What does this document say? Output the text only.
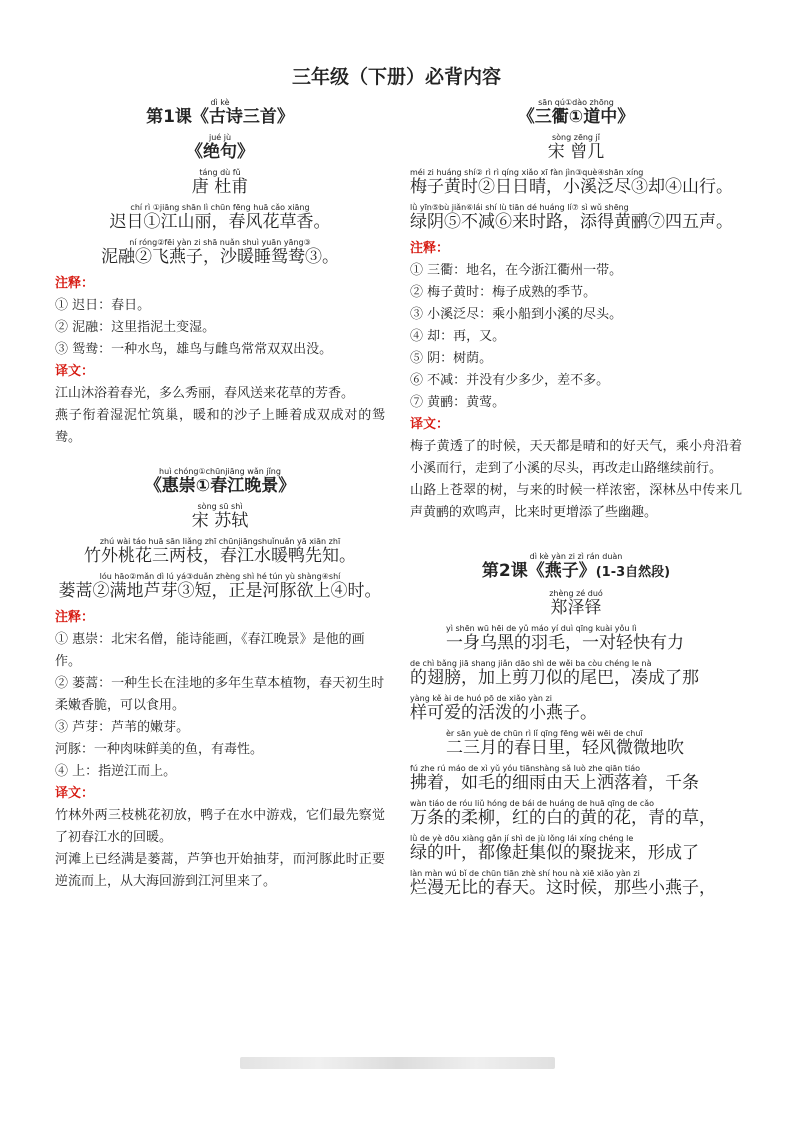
三年级（下册）必背内容
dì kè
第1课《古诗三首》
jué jù
《绝句》
táng dù fǔ
唐 杜甫
chí rì ①jiāng shān lì chūn fēng huā cǎo xiāng
迟日①江山丽，春风花草香。
ní róng②fēi yàn zi shā nuǎn shuì yuān yāng③
泥融②飞燕子，沙暖睡鸳鸯③。
注释：
① 迟日：春日。
② 泥融：这里指泥土变湿。
③ 鸳鸯：一种水鸟，雄鸟与雌鸟常常双双出没。
译文：
江山沐浴着春光，多么秀丽，春风送来花草的芳香。
燕子衔着湿泥忙筑巢，暖和的沙子上睡着成双成对的鸳鸯。
huì chóng①chūnjiāng wǎn jǐng
《惠崇①春江晚景》
sòng sū shì
宋 苏轼
zhú wài táo huā sān liǎng zhī chūnjiāngshuǐnuǎn yā xiān zhī
竹外桃花三两枝，春江水暖鸭先知。
lóu hāo②mǎn dì lú yá③duǎn zhèng shì hé tún yù shàng④shí
蒌蒿②满地芦芽③短，正是河豚欲上④时。
注释：
① 惠崇：北宋名僧，能诗能画，《春江晚景》是他的画作。
② 蒌蒿：一种生长在洼地的多年生草本植物，春天初生时柔嫩香脆，可以食用。
③ 芦芽：芦苇的嫩芽。
河豚：一种肉味鲜美的鱼，有毒性。
④ 上：指逆江而上。
译文：
竹林外两三枝桃花初放，鸭子在水中游戏，它们最先察觉了初春江水的回暖。
河滩上已经满是蒌蒿，芦笋也开始抽芽，而河豚此时正要逆流而上，从大海回游到江河里来了。
sān qú①dào zhōng
《三衢①道中》
sòng zēng jǐ
宋 曾几
méi zi huáng shí② rì rì qíng xiǎo xī fàn jìn③què④shān xíng
梅子黄时②日日晴，小溪泛尽③却④山行。
lǜ yīn⑤bù jiǎn⑥lái shí lù tiān dé huáng lí⑦ sì wǔ shēng
绿阴⑤不减⑥来时路，添得黄鹂⑦四五声。
注释：
① 三衢：地名，在今浙江衢州一带。
② 梅子黄时：梅子成熟的季节。
③ 小溪泛尽：乘小船到小溪的尽头。
④ 却：再，又。
⑤ 阴：树荫。
⑥ 不减：并没有少多少，差不多。
⑦ 黄鹂：黄莺。
译文：
梅子黄透了的时候，天天都是晴和的好天气，乘小舟沿着小溪而行，走到了小溪的尽头，再改走山路继续前行。
山路上苍翠的树，与来的时候一样浓密，深林丛中传来几声黄鹂的欢鸣声，比来时更增添了些幽趣。
dì kè yàn zi zì rán duàn
第2课《燕子》(1-3自然段)
zhèng zé duó
郑泽铎
yì shēn wū hēi de yǔ máo yí duì qīng kuài yǒu lì
一身乌黑的羽毛，一对轻快有力
de chì bǎng jiā shang jiǎn dāo shì de wěi ba còu chéng le nà
的翅膀，加上剪刀似的尾巴，凑成了那
yàng kě ài de huó pō de xiǎo yàn zi
样可爱的活泼的小燕子。
èr sān yuè de chūn rì lǐ qīng fēng wēi wēi de chuī
二三月的春日里，轻风微微地吹
fú zhe rú máo de xì yǔ yóu tiānshàng sǎ luò zhe qiān tiáo
拂着，如毛的细雨由天上洒落着，千条
wàn tiáo de róu liǔ hóng de bái de huáng de huā qīng de cǎo
万条的柔柳，红的白的黄的花，青的草，
lǜ de yè dōu xiàng gǎn jí shì de jù lǒng lái xíng chéng le
绿的叶，都像赶集似的聚拢来，形成了
làn màn wú bǐ de chūn tiān zhè shí hou nà xiē xiǎo yàn zi
烂漫无比的春天。这时候，那些小燕子，
